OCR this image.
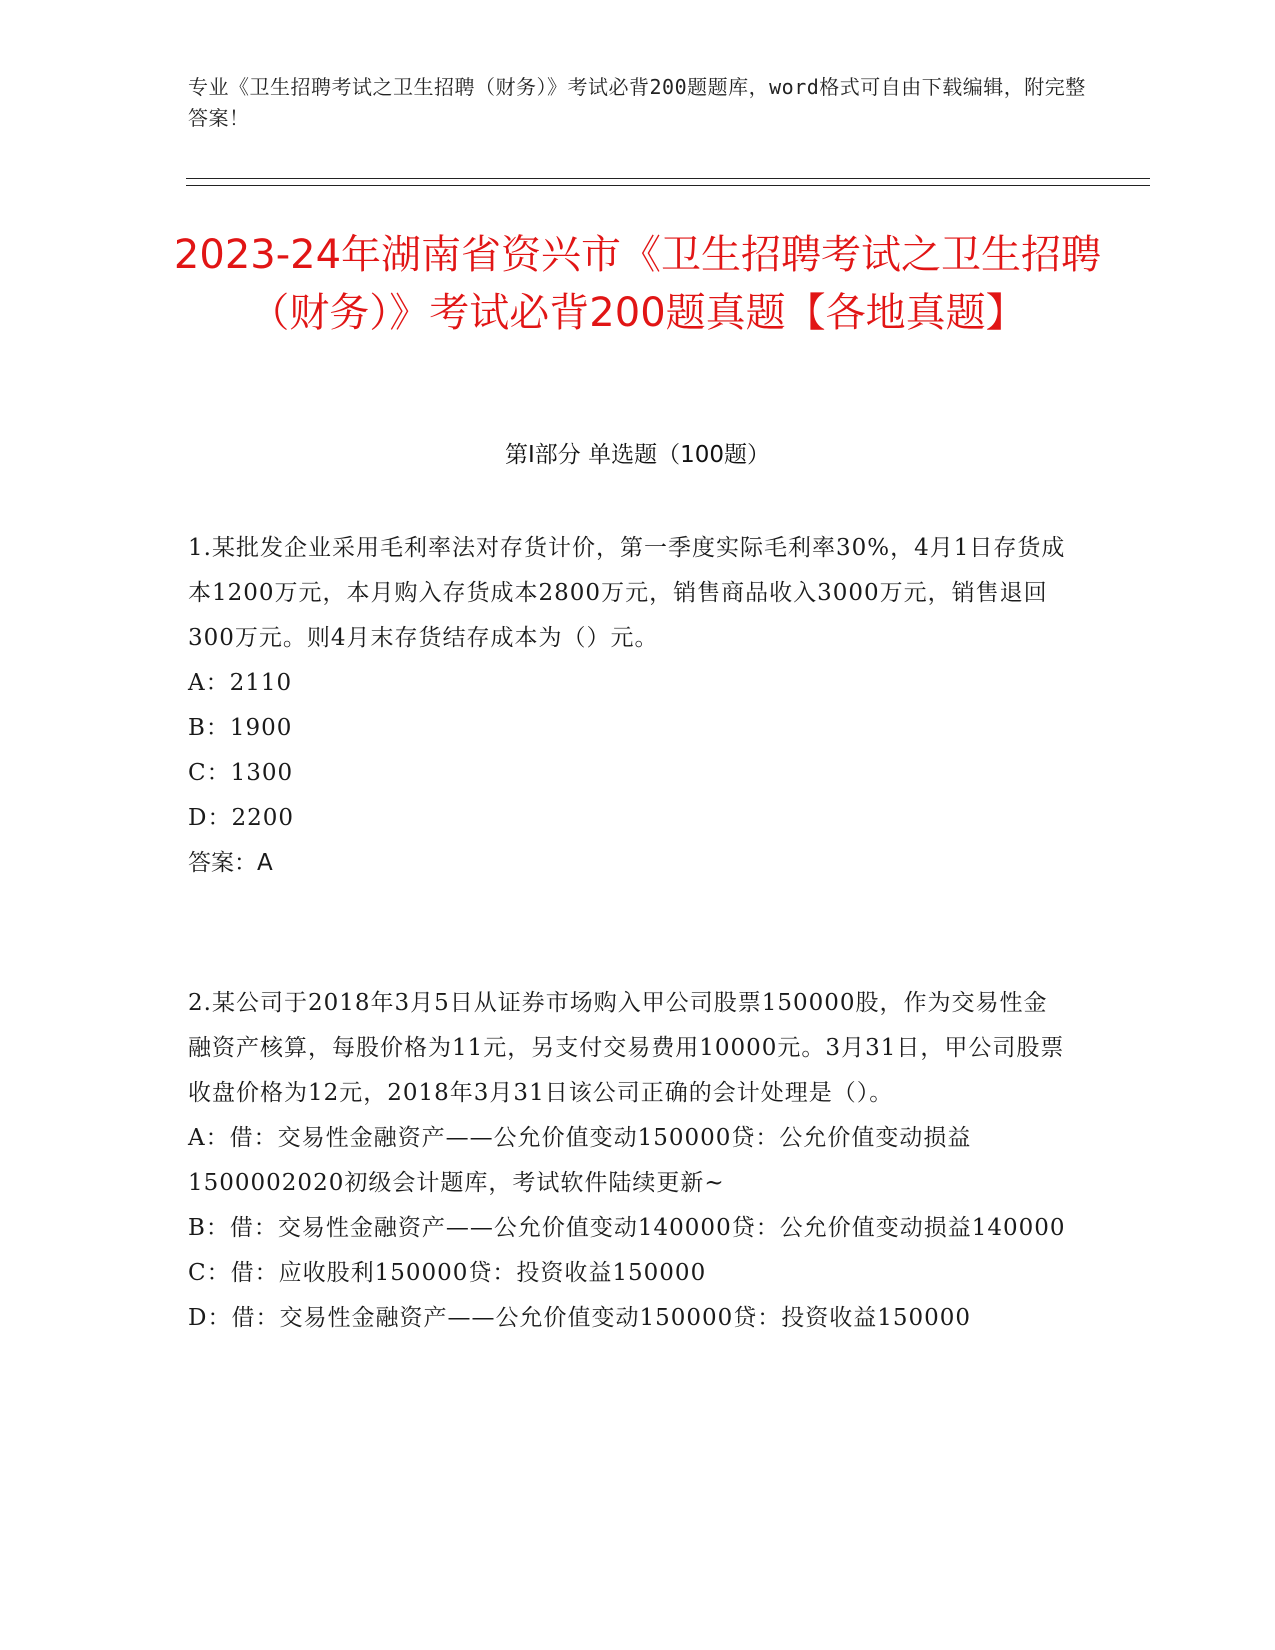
专业《卫生招聘考试之卫生招聘（财务）》考试必背200题题库，word格式可自由下载编辑，附完整答案！
2023-24年湖南省资兴市《卫生招聘考试之卫生招聘（财务）》考试必背200题真题【各地真题】
第I部分 单选题（100题）

1.某批发企业采用毛利率法对存货计价，第一季度实际毛利率30%，4月1日存货成本1200万元，本月购入存货成本2800万元，销售商品收入3000万元，销售退回300万元。则4月末存货结存成本为（）元。

A：2110

B：1900

C：1300

D：2200

答案：A

2.某公司于2018年3月5日从证券市场购入甲公司股票150000股，作为交易性金融资产核算，每股价格为11元，另支付交易费用10000元。3月31日，甲公司股票收盘价格为12元，2018年3月31日该公司正确的会计处理是（）。

A：借：交易性金融资产——公允价值变动150000贷：公允价值变动损益1500002020初级会计题库，考试软件陆续更新~

B：借：交易性金融资产——公允价值变动140000贷：公允价值变动损益140000

C：借：应收股利150000贷：投资收益150000

D：借：交易性金融资产——公允价值变动150000贷：投资收益150000
